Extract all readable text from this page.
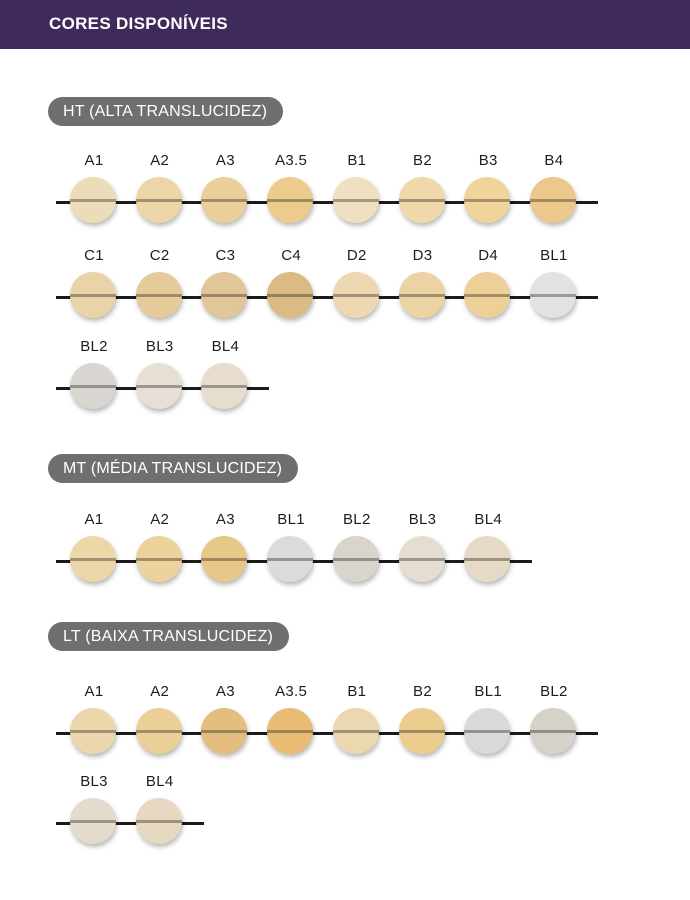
CORES DISPONÍVEIS
HT (ALTA TRANSLUCIDEZ)
A1	A2	A3	A3.5	B1	B2	B3	B4
C1	C2	C3	C4	D2	D3	D4	BL1
BL2	BL3	BL4
MT (MÉDIA TRANSLUCIDEZ)
A1	A2	A3	BL1	BL2	BL3	BL4
LT (BAIXA TRANSLUCIDEZ)
A1	A2	A3	A3.5	B1	B2	BL1	BL2
BL3	BL4
